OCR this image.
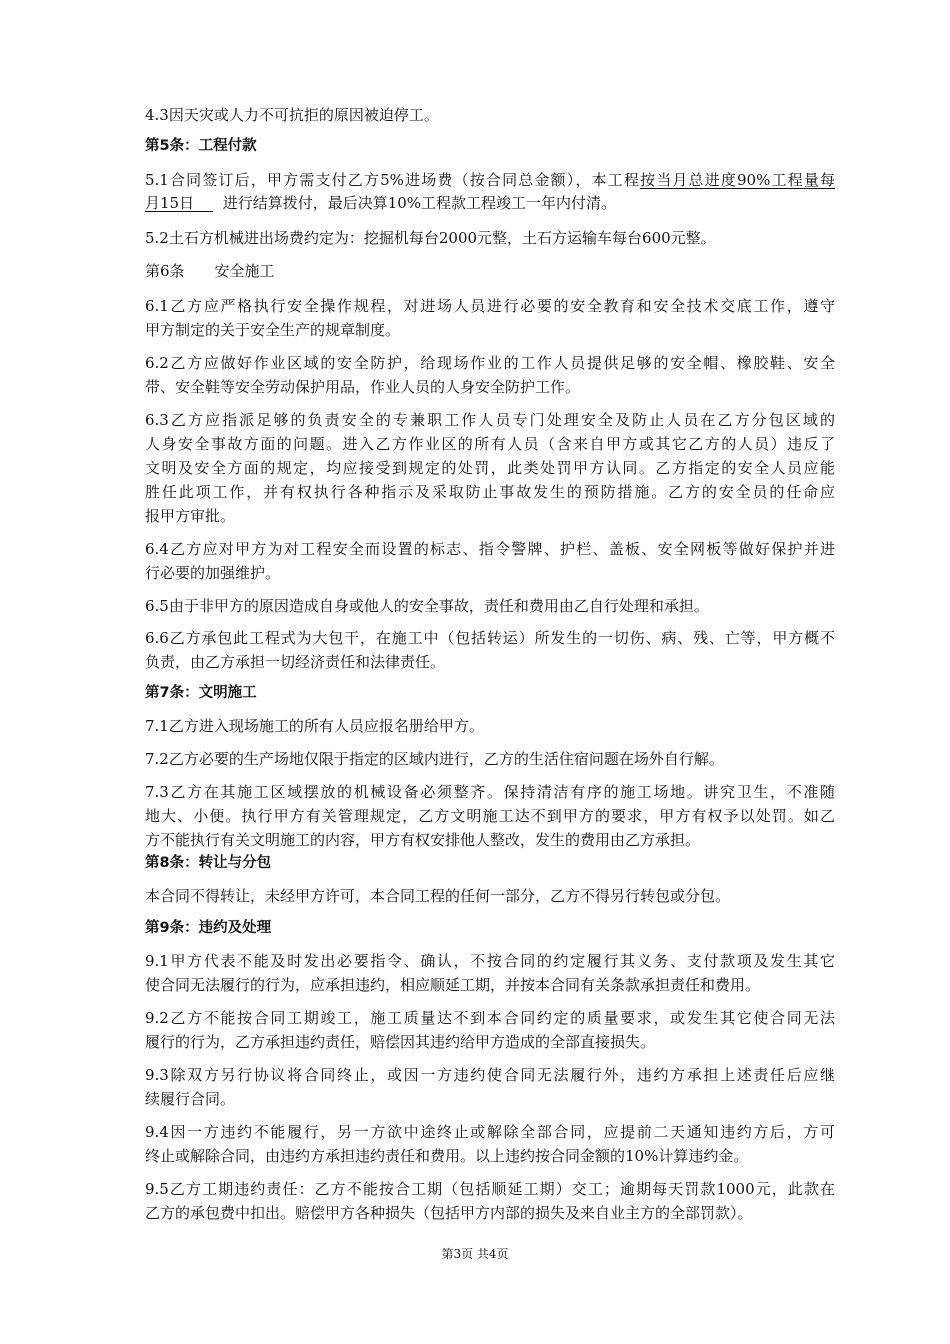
4.3因天灾或人力不可抗拒的原因被迫停工。
第5条：工程付款
5.1合同签订后，甲方需支付乙方5%进场费（按合同总金额），本工程按当月总进度90%工程量每
月15日 进行结算拨付，最后决算10%工程款工程竣工一年内付清。
5.2土石方机械进出场费约定为：挖掘机每台2000元整，土石方运输车每台600元整。
第6条 安全施工
6.1乙方应严格执行安全操作规程，对进场人员进行必要的安全教育和安全技术交底工作，遵守
甲方制定的关于安全生产的规章制度。
6.2乙方应做好作业区域的安全防护，给现场作业的工作人员提供足够的安全帽、橡胶鞋、安全
带、安全鞋等安全劳动保护用品，作业人员的人身安全防护工作。
6.3乙方应指派足够的负责安全的专兼职工作人员专门处理安全及防止人员在乙方分包区域的
人身安全事故方面的问题。进入乙方作业区的所有人员（含来自甲方或其它乙方的人员）违反了
文明及安全方面的规定，均应接受到规定的处罚，此类处罚甲方认同。乙方指定的安全人员应能
胜任此项工作，并有权执行各种指示及采取防止事故发生的预防措施。乙方的安全员的任命应
报甲方审批。
6.4乙方应对甲方为对工程安全而设置的标志、指令警牌、护栏、盖板、安全网板等做好保护并进
行必要的加强维护。
6.5由于非甲方的原因造成自身或他人的安全事故，责任和费用由乙自行处理和承担。
6.6乙方承包此工程式为大包干，在施工中（包括转运）所发生的一切伤、病、残、亡等，甲方概不
负责，由乙方承担一切经济责任和法律责任。
第7条：文明施工
7.1乙方进入现场施工的所有人员应报名册给甲方。
7.2乙方必要的生产场地仅限于指定的区域内进行，乙方的生活住宿问题在场外自行解。
7.3乙方在其施工区域摆放的机械设备必须整齐。保持清洁有序的施工场地。讲究卫生，不准随
地大、小便。执行甲方有关管理规定，乙方文明施工达不到甲方的要求，甲方有权予以处罚。如乙
方不能执行有关文明施工的内容，甲方有权安排他人整改，发生的费用由乙方承担。
第8条：转让与分包
本合同不得转让，未经甲方许可，本合同工程的任何一部分，乙方不得另行转包或分包。
第9条：违约及处理
9.1甲方代表不能及时发出必要指令、确认，不按合同的约定履行其义务、支付款项及发生其它
使合同无法履行的行为，应承担违约，相应顺延工期，并按本合同有关条款承担责任和费用。
9.2乙方不能按合同工期竣工，施工质量达不到本合同约定的质量要求，或发生其它使合同无法
履行的行为，乙方承担违约责任，赔偿因其违约给甲方造成的全部直接损失。
9.3除双方另行协议将合同终止，或因一方违约使合同无法履行外，违约方承担上述责任后应继
续履行合同。
9.4因一方违约不能履行，另一方欲中途终止或解除全部合同，应提前二天通知违约方后，方可
终止或解除合同，由违约方承担违约责任和费用。以上违约按合同金额的10%计算违约金。
9.5乙方工期违约责任：乙方不能按合工期（包括顺延工期）交工；逾期每天罚款1000元，此款在
乙方的承包费中扣出。赔偿甲方各种损失（包括甲方内部的损失及来自业主方的全部罚款）。
第3页 共4页
